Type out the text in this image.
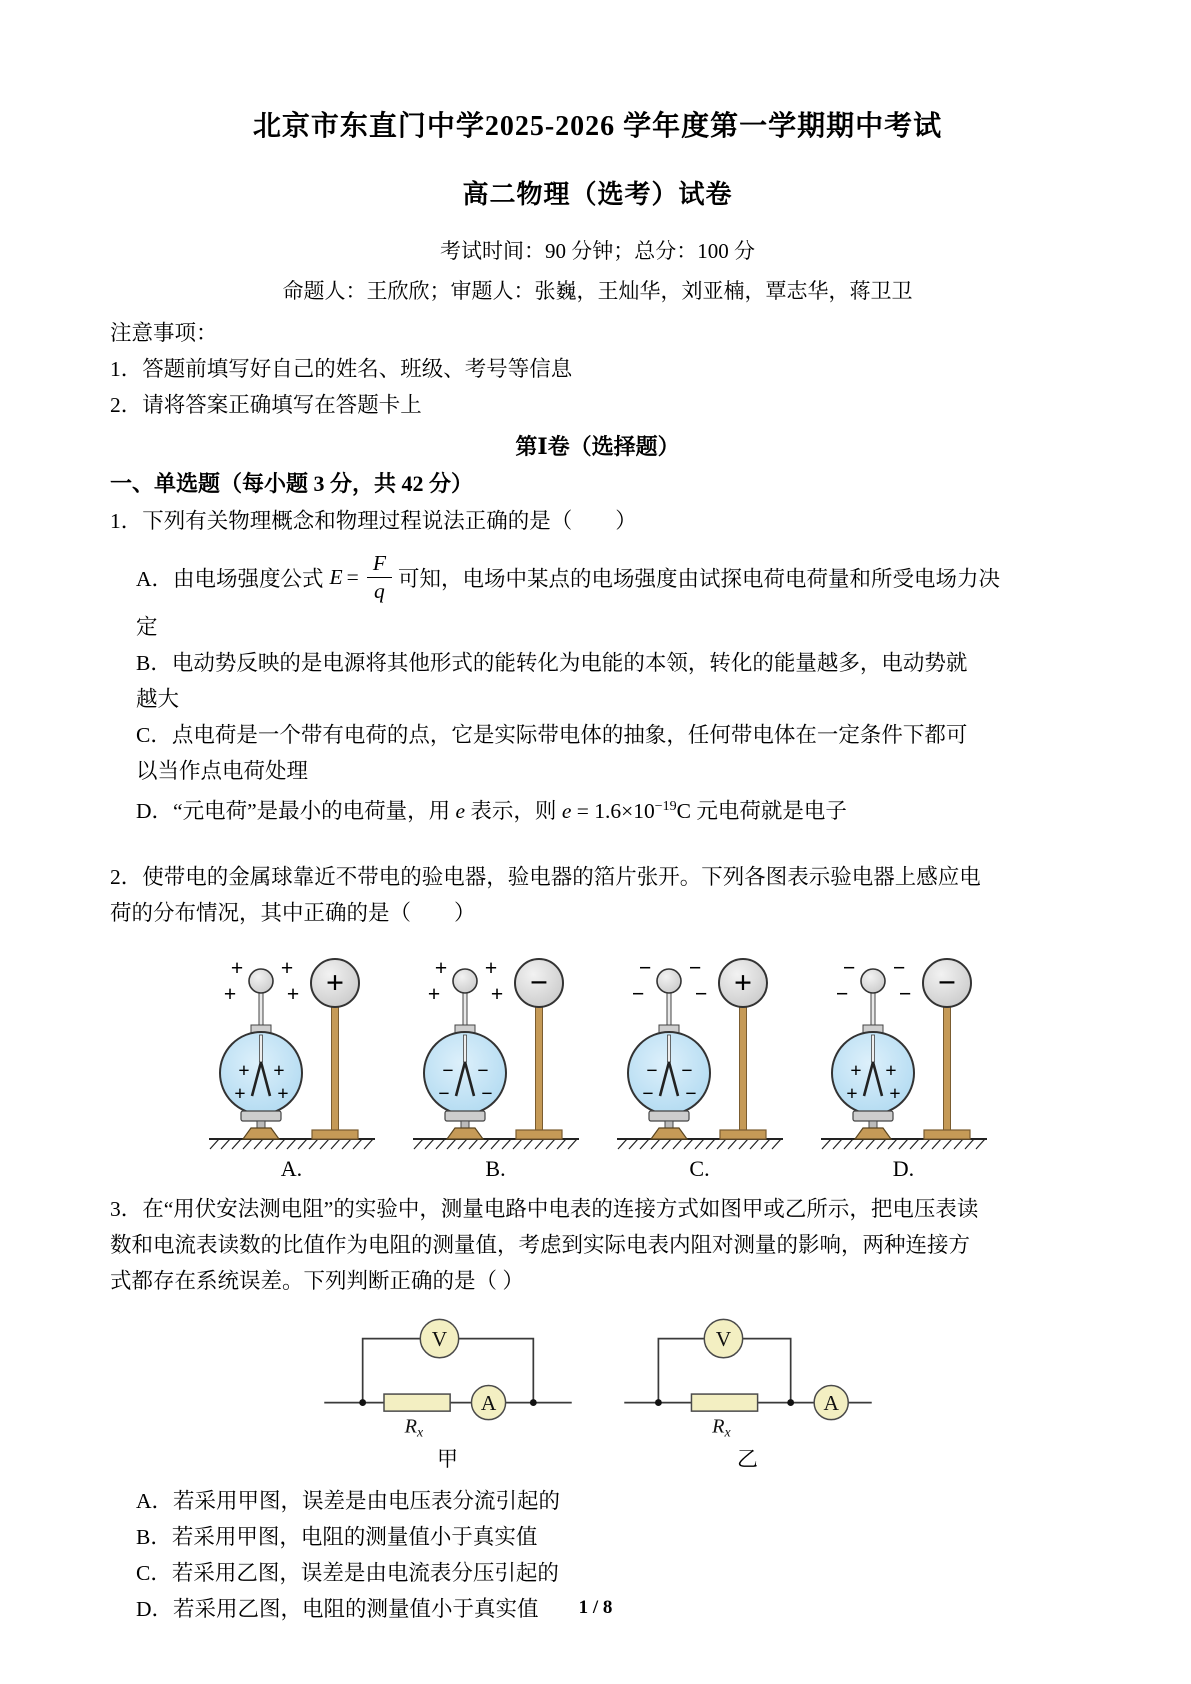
北京市东直门中学2025-2026 学年度第一学期期中考试
高二物理（选考）试卷
考试时间：90 分钟；总分：100 分
命题人：王欣欣；审题人：张巍，王灿华，刘亚楠，覃志华，蒋卫卫
注意事项：
1．答题前填写好自己的姓名、班级、考号等信息
2．请将答案正确填写在答题卡上
第Ⅰ卷（选择题）
一、单选题（每小题 3 分，共 42 分）
1．下列有关物理概念和物理过程说法正确的是（　　）
A．由电场强度公式 $E = \frac{F}{q}$ 可知，电场中某点的电场强度由试探电荷电荷量和所受电场力决
定
B．电动势反映的是电源将其他形式的能转化为电能的本领，转化的能量越多，电动势就
越大
C．点电荷是一个带有电荷的点，它是实际带电体的抽象，任何带电体在一定条件下都可
以当作点电荷处理
D．“元电荷”是最小的电荷量，用 e 表示，则 $e = 1.6\times 10^{-19}C$ 元电荷就是电子
2．使带电的金属球靠近不带电的验电器，验电器的箔片张开。下列各图表示验电器上感应电
荷的分布情况，其中正确的是（　　）
+ +
+ +
+ +
+ +
+
A.
+ +
+ +
− −
− −
−
B.
− −
− −
− −
− −
+
C.
− −
− −
+ +
+ +
−
D.
3．在“用伏安法测电阻”的实验中，测量电路中电表的连接方式如图甲或乙所示，把电压表读
数和电流表读数的比值作为电阻的测量值，考虑到实际电表内阻对测量的影响，两种连接方
式都存在系统误差。下列判断正确的是（ ）
$R_x$
A
V
甲
$R_x$
A
V
乙
A．若采用甲图，误差是由电压表分流引起的
B．若采用甲图，电阻的测量值小于真实值
C．若采用乙图，误差是由电流表分压引起的
D．若采用乙图，电阻的测量值小于真实值	1 / 8
